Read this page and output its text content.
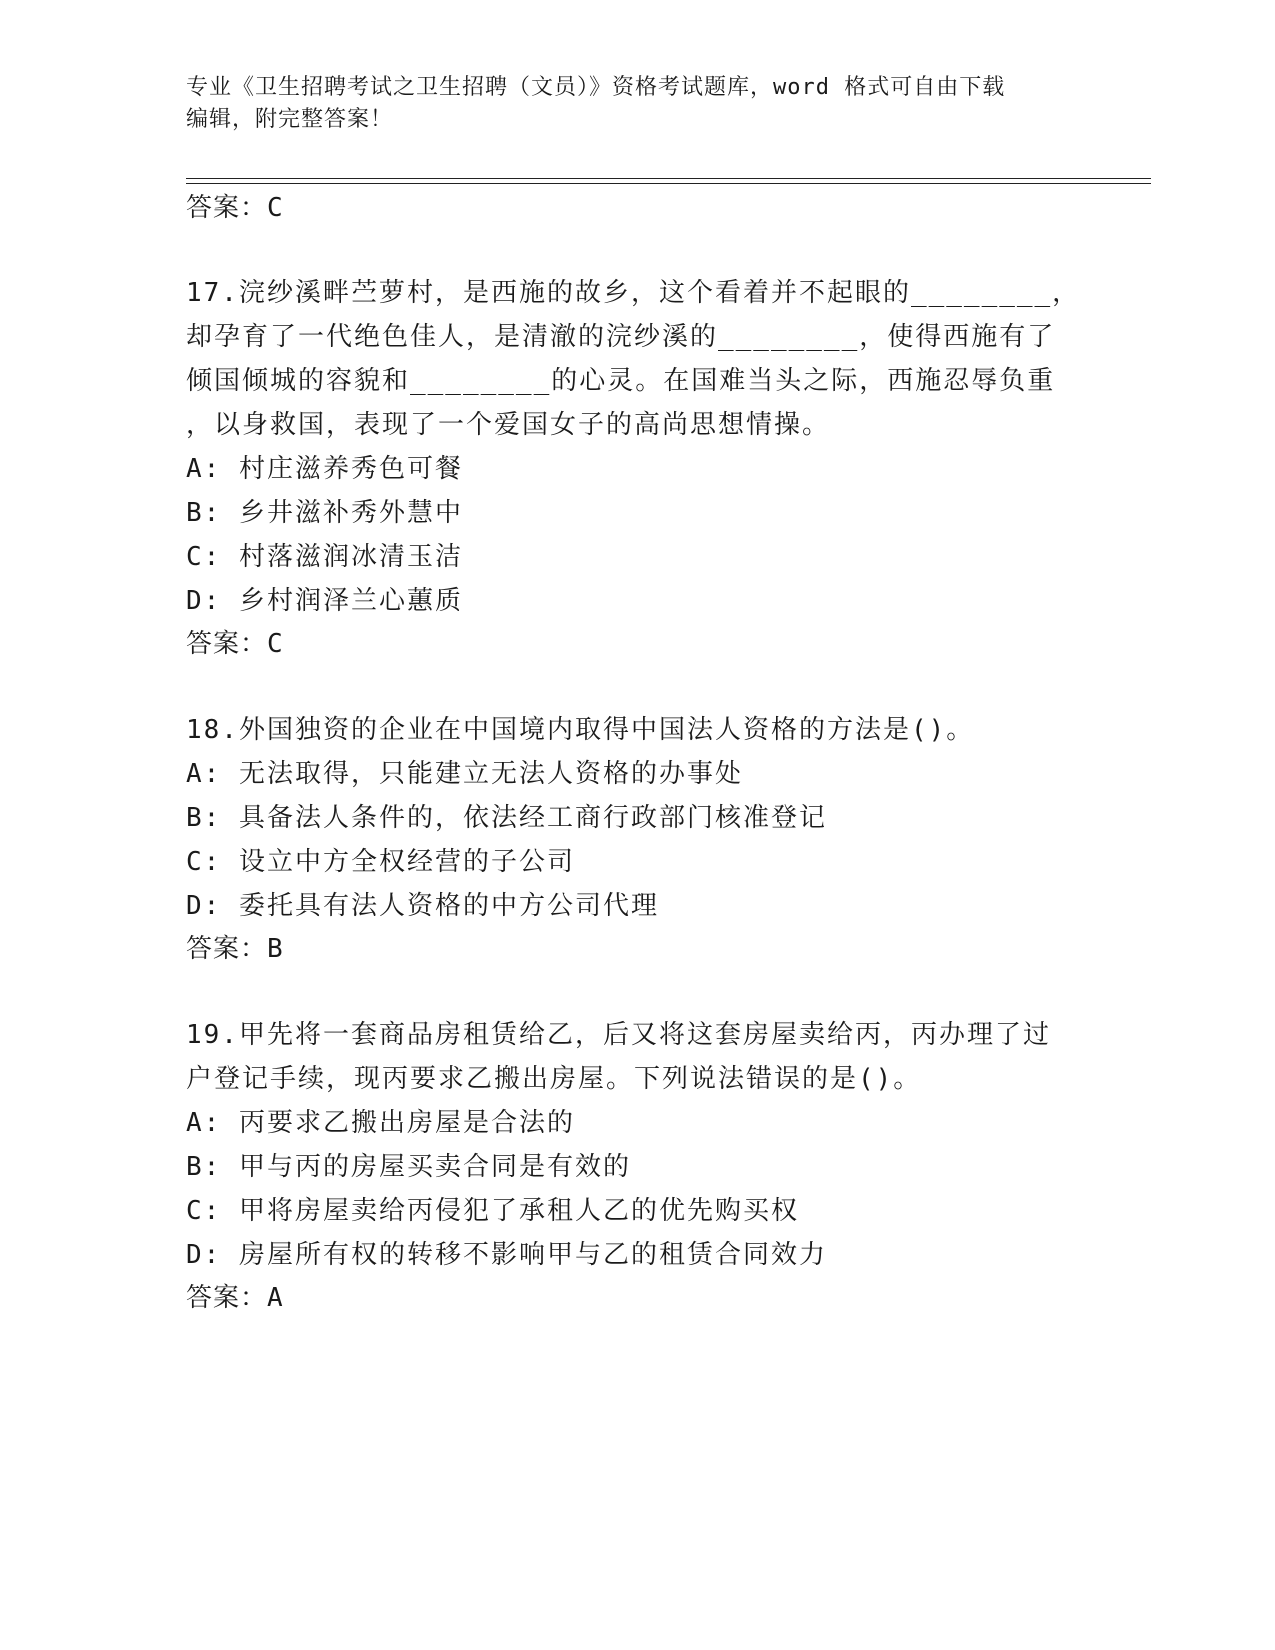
专业《卫生招聘考试之卫生招聘（文员）》资格考试题库，word 格式可自由下载
编辑，附完整答案！
答案：C
17.浣纱溪畔苎萝村，是西施的故乡，这个看着并不起眼的________，
却孕育了一代绝色佳人，是清澈的浣纱溪的________，使得西施有了
倾国倾城的容貌和________的心灵。在国难当头之际，西施忍辱负重
，以身救国，表现了一个爱国女子的高尚思想情操。
A: 村庄滋养秀色可餐
B: 乡井滋补秀外慧中
C: 村落滋润冰清玉洁
D: 乡村润泽兰心蕙质
答案：C
18.外国独资的企业在中国境内取得中国法人资格的方法是()。
A: 无法取得，只能建立无法人资格的办事处
B: 具备法人条件的，依法经工商行政部门核准登记
C: 设立中方全权经营的子公司
D: 委托具有法人资格的中方公司代理
答案：B
19.甲先将一套商品房租赁给乙，后又将这套房屋卖给丙，丙办理了过
户登记手续，现丙要求乙搬出房屋。下列说法错误的是()。
A: 丙要求乙搬出房屋是合法的
B: 甲与丙的房屋买卖合同是有效的
C: 甲将房屋卖给丙侵犯了承租人乙的优先购买权
D: 房屋所有权的转移不影响甲与乙的租赁合同效力
答案：A
